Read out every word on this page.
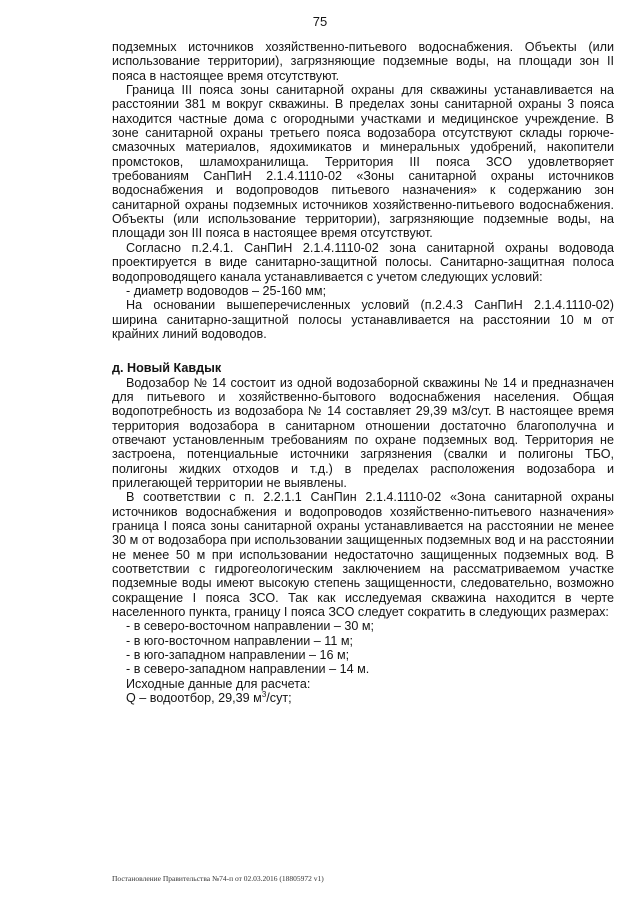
75

подземных источников хозяйственно-питьевого водоснабжения. Объекты (или использование территории), загрязняющие подземные воды, на площади зон II пояса в настоящее время отсутствуют.

Граница III пояса зоны санитарной охраны для скважины устанавливается на расстоянии 381 м вокруг скважины. В пределах зоны санитарной охраны 3 пояса находится частные дома с огородными участками и медицинское учреждение. В зоне санитарной охраны третьего пояса водозабора отсутствуют склады горюче-смазочных материалов, ядохимикатов и минеральных удобрений, накопители промстоков, шламохранилища. Территория III пояса ЗСО удовлетворяет требованиям СанПиН 2.1.4.1110-02 «Зоны санитарной охраны источников водоснабжения и водопроводов питьевого назначения» к содержанию зон санитарной охраны подземных источников хозяйственно-питьевого водоснабжения. Объекты (или использование территории), загрязняющие подземные воды, на площади зон III пояса в настоящее время отсутствуют.

Согласно п.2.4.1. СанПиН 2.1.4.1110-02 зона санитарной охраны водовода проектируется в виде санитарно-защитной полосы. Санитарно-защитная полоса водопроводящего канала устанавливается с учетом следующих условий:

- диаметр водоводов – 25-160 мм;

На основании вышеперечисленных условий (п.2.4.3 СанПиН 2.1.4.1110-02) ширина санитарно-защитной полосы устанавливается на расстоянии 10 м от крайних линий водоводов.

д. Новый Кавдык

Водозабор № 14 состоит из одной водозаборной скважины № 14 и предназначен для питьевого и хозяйственно-бытового водоснабжения населения. Общая водопотребность из водозабора № 14 составляет 29,39 м3/сут. В настоящее время территория водозабора в санитарном отношении достаточно благополучна и отвечают установленным требованиям по охране подземных вод. Территория не застроена, потенциальные источники загрязнения (свалки и полигоны ТБО, полигоны жидких отходов и т.д.) в пределах расположения водозабора и прилегающей территории не выявлены.

В соответствии с п. 2.2.1.1 СанПин 2.1.4.1110-02 «Зона санитарной охраны источников водоснабжения и водопроводов хозяйственно-питьевого назначения» граница I пояса зоны санитарной охраны устанавливается на расстоянии не менее 30 м от водозабора при использовании защищенных подземных вод и на расстоянии не менее 50 м при использовании недостаточно защищенных подземных вод. В соответствии с гидрогеологическим заключением на рассматриваемом участке подземные воды имеют высокую степень защищенности, следовательно, возможно сокращение I пояса ЗСО. Так как исследуемая скважина находится в черте населенного пункта, границу I пояса ЗСО следует сократить в следующих размерах:

- в северо-восточном направлении – 30 м;

- в юго-восточном направлении – 11 м;

- в юго-западном направлении – 16 м;

- в северо-западном направлении – 14 м.

Исходные данные для расчета:

Q – водоотбор, 29,39 $м^3$/сут;

Постановление Правительства №74-п от 02.03.2016 (18805972 v1)
